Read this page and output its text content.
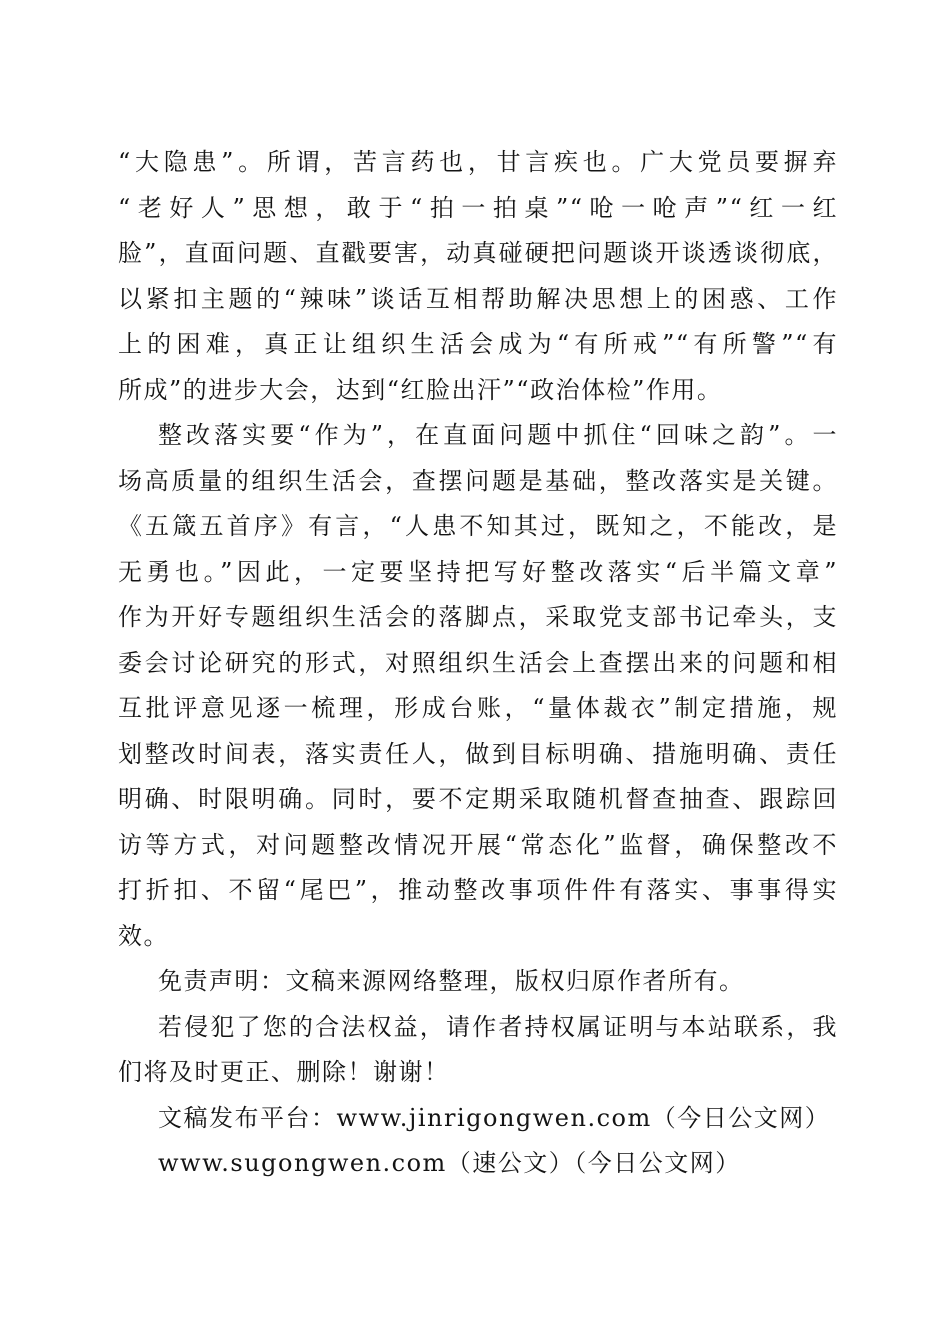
“大隐患”。所谓，苦言药也，甘言疾也。广大党员要摒弃
“老好人”思想，敢于“拍一拍桌”“呛一呛声”“红一红
脸”，直面问题、直戳要害，动真碰硬把问题谈开谈透谈彻底，
以紧扣主题的“辣味”谈话互相帮助解决思想上的困惑、工作
上的困难，真正让组织生活会成为“有所戒”“有所警”“有
所成”的进步大会，达到“红脸出汗”“政治体检”作用。
整改落实要“作为”，在直面问题中抓住“回味之韵”。一
场高质量的组织生活会，查摆问题是基础，整改落实是关键。
《五箴五首序》有言，“人患不知其过，既知之，不能改，是
无勇也。”因此，一定要坚持把写好整改落实“后半篇文章”
作为开好专题组织生活会的落脚点，采取党支部书记牵头，支
委会讨论研究的形式，对照组织生活会上查摆出来的问题和相
互批评意见逐一梳理，形成台账，“量体裁衣”制定措施，规
划整改时间表，落实责任人，做到目标明确、措施明确、责任
明确、时限明确。同时，要不定期采取随机督查抽查、跟踪回
访等方式，对问题整改情况开展“常态化”监督，确保整改不
打折扣、不留“尾巴”，推动整改事项件件有落实、事事得实
效。
免责声明：文稿来源网络整理，版权归原作者所有。
若侵犯了您的合法权益，请作者持权属证明与本站联系，我
们将及时更正、删除！谢谢！
文稿发布平台：www.jinrigongwen.com（今日公文网）
www.sugongwen.com（速公文）（今日公文网）
